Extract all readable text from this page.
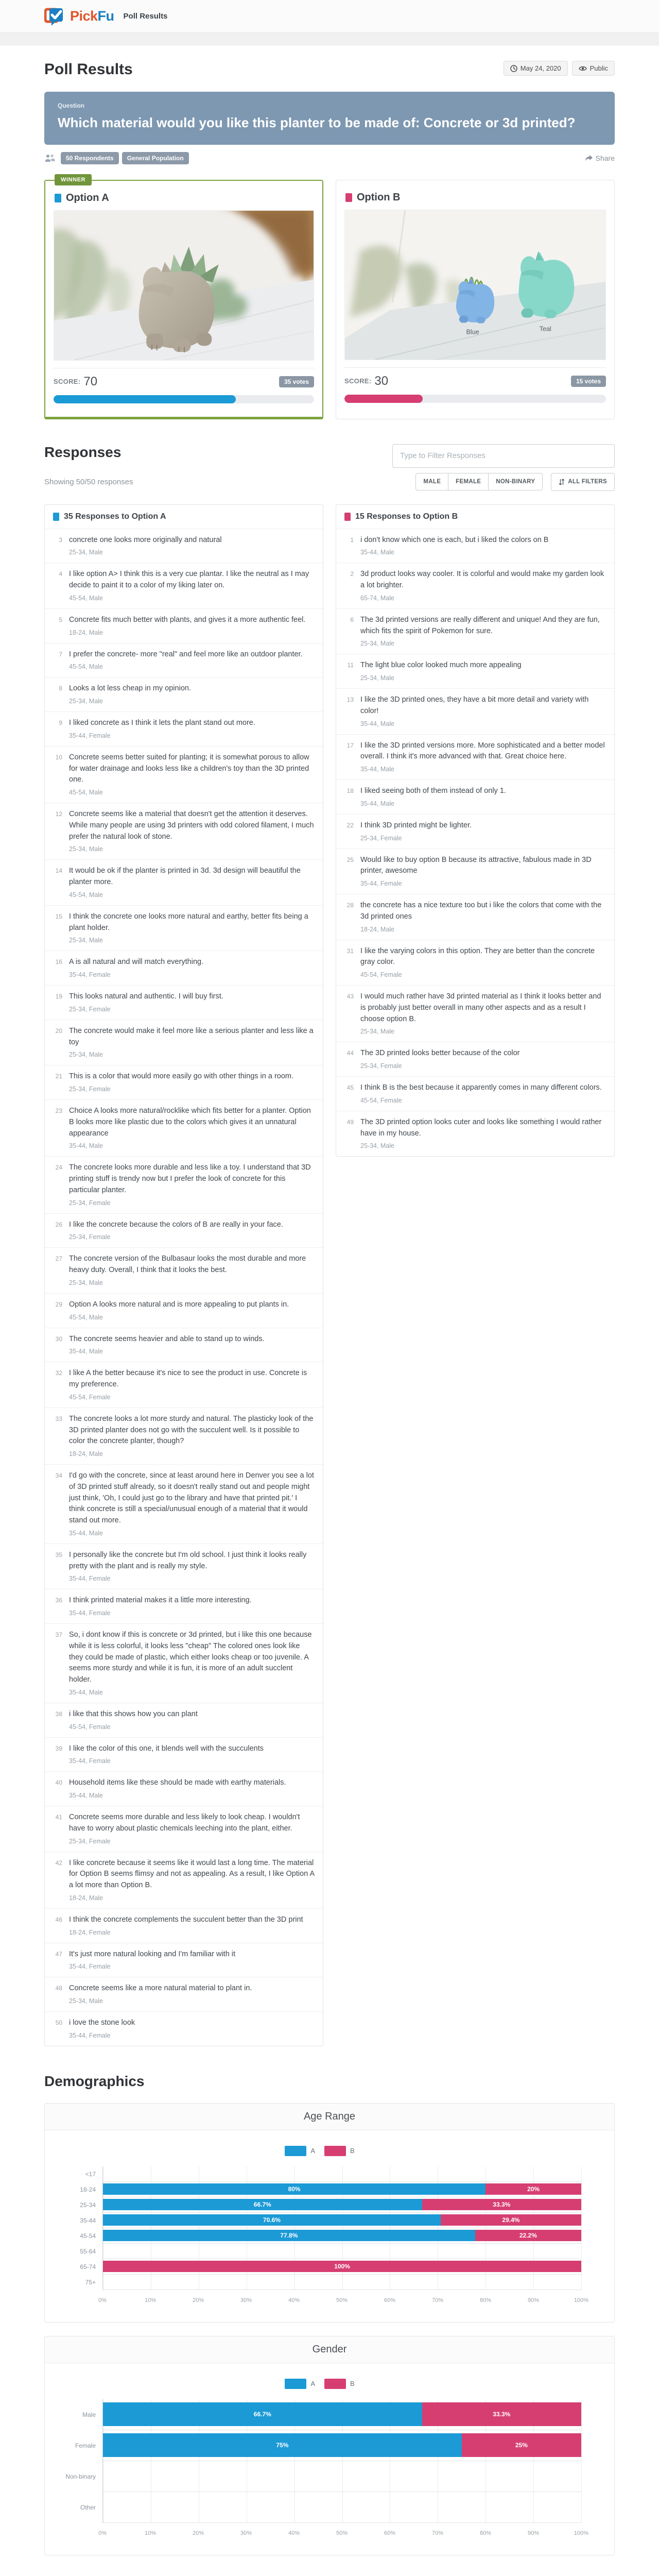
PickFu Poll Results
Poll Results	May 24, 2020	Public
Question
Which material would you like this planter to be made of: Concrete or 3d printed?
50 Respondents	General Population	Share
WINNER
Option A
SCORE: 70	35 votes
Option B
Blue	Teal
SCORE: 30	15 votes
Responses
Type to Filter Responses
Showing 50/50 responses	MALE	FEMALE	NON-BINARY	ALL FILTERS
35 Responses to Option A
3 concrete one looks more originally and natural
25-34, Male
4 I like option A> I think this is a very cue plantar. I like the neutral as I may decide to paint it to a color of my liking later on.
45-54, Male
5 Concrete fits much better with plants, and gives it a more authentic feel.
18-24, Male
7 I prefer the concrete- more "real" and feel more like an outdoor planter.
45-54, Male
8 Looks a lot less cheap in my opinion.
25-34, Male
9 I liked concrete as I think it lets the plant stand out more.
35-44, Female
10 Concrete seems better suited for planting; it is somewhat porous to allow for water drainage and looks less like a children's toy than the 3D printed one.
45-54, Male
12 Concrete seems like a material that doesn't get the attention it deserves. While many people are using 3d printers with odd colored filament, I much prefer the natural look of stone.
25-34, Male
14 It would be ok if the planter is printed in 3d. 3d design will beautiful the planter more.
45-54, Male
15 I think the concrete one looks more natural and earthy, better fits being a plant holder.
25-34, Male
16 A is all natural and will match everything.
35-44, Female
19 This looks natural and authentic. I will buy first.
25-34, Female
20 The concrete would make it feel more like a serious planter and less like a toy
25-34, Male
21 This is a color that would more easily go with other things in a room.
25-34, Female
23 Choice A looks more natural/rocklike which fits better for a planter. Option B looks more like plastic due to the colors which gives it an unnatural appearance
35-44, Male
24 The concrete looks more durable and less like a toy. I understand that 3D printing stuff is trendy now but I prefer the look of concrete for this particular planter.
25-34, Female
26 I like the concrete because the colors of B are really in your face.
25-34, Female
27 The concrete version of the Bulbasaur looks the most durable and more heavy duty. Overall, I think that it looks the best.
25-34, Male
29 Option A looks more natural and is more appealing to put plants in.
45-54, Male
30 The concrete seems heavier and able to stand up to winds.
35-44, Male
32 I like A the better because it's nice to see the product in use. Concrete is my preference.
45-54, Female
33 The concrete looks a lot more sturdy and natural. The plasticky look of the 3D printed planter does not go with the succulent well. Is it possible to color the concrete planter, though?
18-24, Male
34 I'd go with the concrete, since at least around here in Denver you see a lot of 3D printed stuff already, so it doesn't really stand out and people might just think, 'Oh, I could just go to the library and have that printed pit.' I think concrete is still a special/unusual enough of a material that it would stand out more.
35-44, Male
35 I personally like the concrete but I'm old school. I just think it looks really pretty with the plant and is really my style.
35-44, Female
36 I think printed material makes it a little more interesting.
35-44, Female
37 So, i dont know if this is concrete or 3d printed, but i like this one because while it is less colorful, it looks less "cheap" The colored ones look like they could be made of plastic, which either looks cheap or too juvenile. A seems more sturdy and while it is fun, it is more of an adult succlent holder.
35-44, Male
38 i like that this shows how you can plant
45-54, Female
39 I like the color of this one, it blends well with the succulents
35-44, Female
40 Household items like these should be made with earthy materials.
35-44, Male
41 Concrete seems more durable and less likely to look cheap. I wouldn't have to worry about plastic chemicals leeching into the plant, either.
25-34, Female
42 I like concrete because it seems like it would last a long time. The material for Option B seems flimsy and not as appealing. As a result, I like Option A a lot more than Option B.
18-24, Male
46 I think the concrete complements the succulent better than the 3D print
18-24, Female
47 It's just more natural looking and I'm familiar with it
35-44, Female
48 Concrete seems like a more natural material to plant in.
25-34, Male
50 i love the stone look
35-44, Female
15 Responses to Option B
1 i don't know which one is each, but i liked the colors on B
35-44, Male
2 3d product looks way cooler. It is colorful and would make my garden look a lot brighter.
65-74, Male
6 The 3d printed versions are really different and unique! And they are fun, which fits the spirit of Pokemon for sure.
25-34, Male
11 The light blue color looked much more appealing
25-34, Male
13 I like the 3D printed ones, they have a bit more detail and variety with color!
35-44, Male
17 I like the 3D printed versions more. More sophisticated and a better model overall. I think it's more advanced with that. Great choice here.
35-44, Male
18 I liked seeing both of them instead of only 1.
35-44, Male
22 I think 3D printed might be lighter.
25-34, Female
25 Would like to buy option B because its attractive, fabulous made in 3D printer, awesome
35-44, Female
28 the concrete has a nice texture too but i like the colors that come with the 3d printed ones
18-24, Male
31 I like the varying colors in this option. They are better than the concrete gray color.
45-54, Female
43 I would much rather have 3d printed material as I think it looks better and is probably just better overall in many other aspects and as a result I choose option B.
25-34, Male
44 The 3D printed looks better because of the color
25-34, Female
45 I think B is the best because it apparently comes in many different colors.
45-54, Female
49 The 3D printed option looks cuter and looks like something I would rather have in my house.
25-34, Male
Demographics
Age Range
A	B
<17
18-24
25-34
35-44
45-54
55-64
65-74
75+
80%	20%
66.7%	33.3%
70.6%	29.4%
77.8%	22.2%
100%
0%	10%	20%	30%	40%	50%	60%	70%	80%	90%	100%
Gender
A	B
Male
Female
Non-binary
Other
66.7%	33.3%
75%	25%
0%	10%	20%	30%	40%	50%	60%	70%	80%	90%	100%
